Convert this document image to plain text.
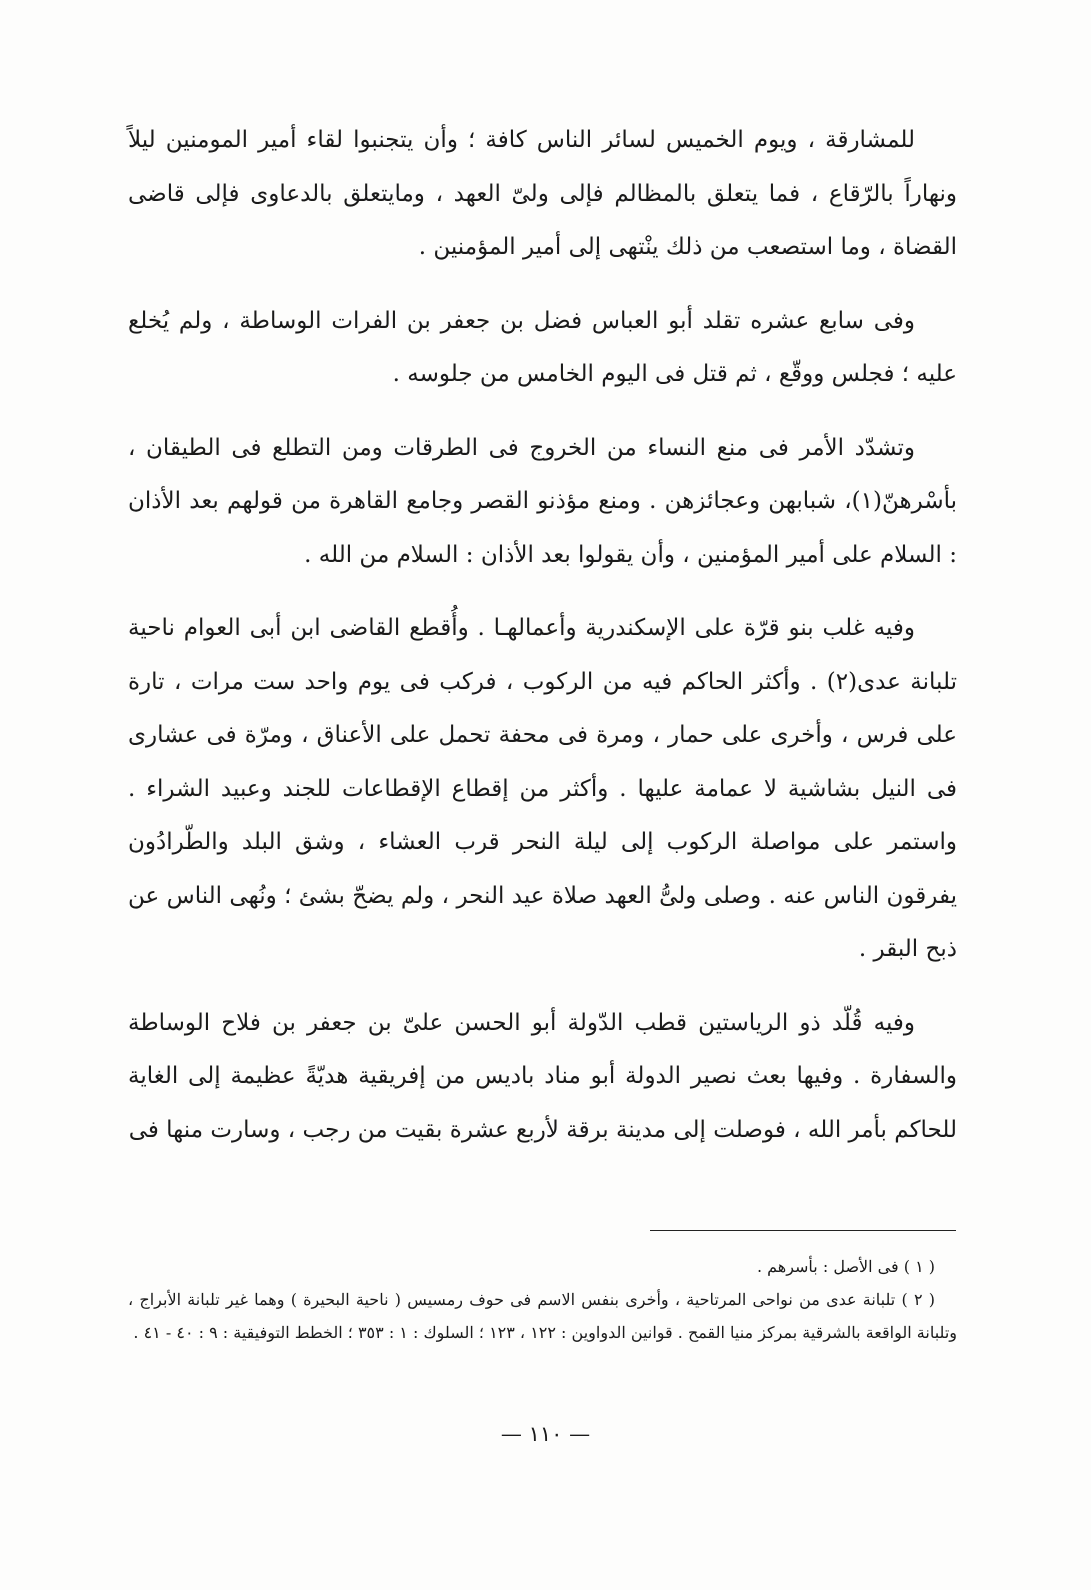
للمشارقة ، ويوم الخميس لسائر الناس كافة ؛ وأن يتجنبوا لقاء أمير المومنين ليلاً ونهاراً بالرّقاع ، فما يتعلق بالمظالم فإلى ولىّ العهد ، ومايتعلق بالدعاوى فإلى قاضى القضاة ، وما استصعب من ذلك ينْتهى إلى أمير المؤمنين .

وفى سابع عشره تقلد أبو العباس فضل بن جعفر بن الفرات الوساطة ، ولم يُخلع عليه ؛ فجلس ووقّع ، ثم قتل فى اليوم الخامس من جلوسه .

وتشدّد الأمر فى منع النساء من الخروج فى الطرقات ومن التطلع فى الطيقان ، بأسْرهنّ(١)، شبابهن وعجائزهن . ومنع مؤذنو القصر وجامع القاهرة من قولهم بعد الأذان : السلام على أمير المؤمنين ، وأن يقولوا بعد الأذان : السلام من الله .

وفيه غلب بنو قرّة على الإسكندرية وأعمالهـا . وأُقطع القاضى ابن أبى العوام ناحية تلبانة عدى(٢) . وأكثر الحاكم فيه من الركوب ، فركب فى يوم واحد ست مرات ، تارة على فرس ، وأخرى على حمار ، ومرة فى محفة تحمل على الأعناق ، ومرّة فى عشارى فى النيل بشاشية لا عمامة عليها . وأكثر من إقطاع الإقطاعات للجند وعبيد الشراء . واستمر على مواصلة الركوب إلى ليلة النحر قرب العشاء ، وشق البلد والطّرادُون يفرقون الناس عنه . وصلى ولىُّ العهد صلاة عيد النحر ، ولم يضحّ بشئ ؛ ونُهى الناس عن ذبح البقر .

وفيه قُلّد ذو الرياستين قطب الدّولة أبو الحسن علىّ بن جعفر بن فلاح الوساطة والسفارة . وفيها بعث نصير الدولة أبو مناد باديس من إفريقية هديّةً عظيمة إلى الغاية للحاكم بأمر الله ، فوصلت إلى مدينة برقة لأربع عشرة بقيت من رجب ، وسارت منها فى

( ١ ) فى الأصل : بأسرهم .

( ٢ ) تلبانة عدى من نواحى المرتاحية ، وأخرى بنفس الاسم فى حوف رمسيس ( ناحية البحيرة ) وهما غير تلبانة الأبراج ، وتلبانة الواقعة بالشرقية بمركز منيا القمح . قوانين الدواوين : ١٢٢ ، ١٢٣ ؛ السلوك : ١ : ٣٥٣ ؛ الخطط التوفيقية : ٩ : ٤٠ - ٤١ .

— ١١٠ —
